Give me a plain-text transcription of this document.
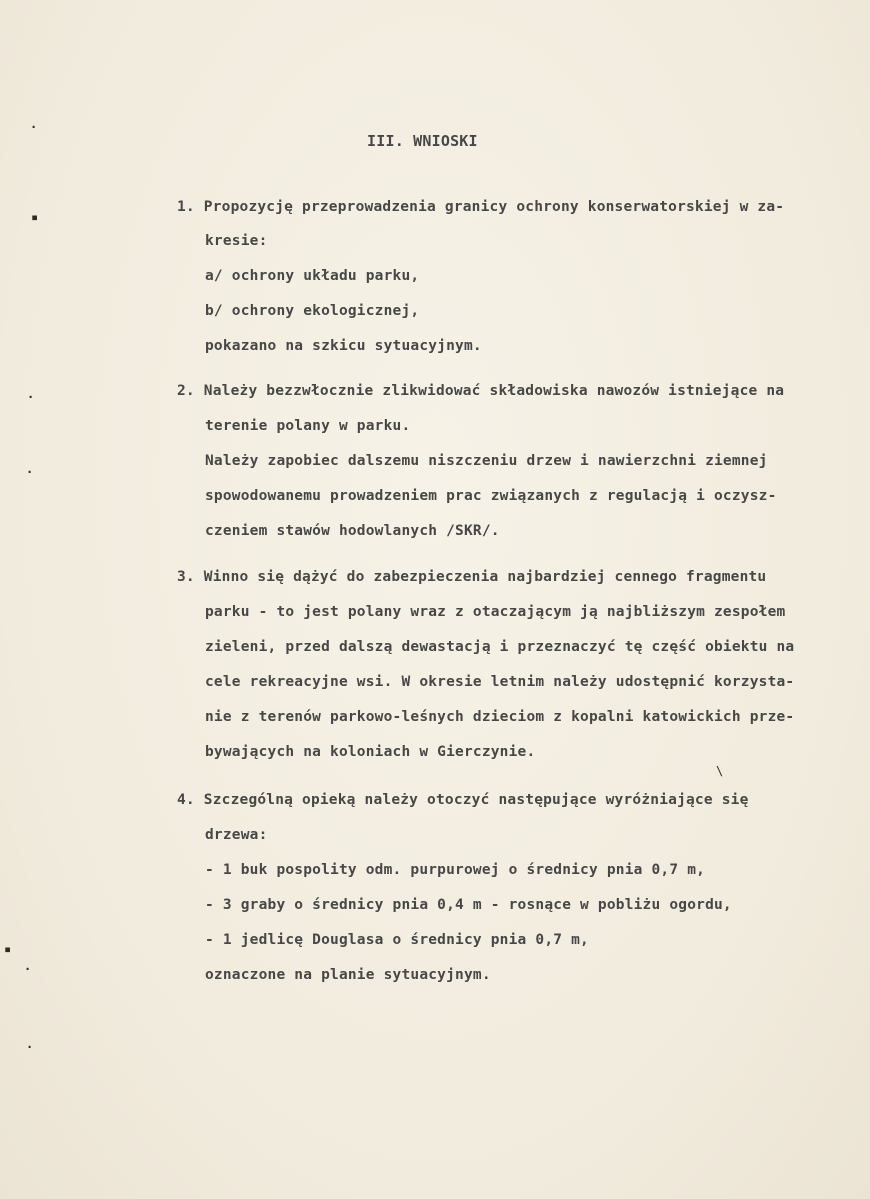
III. WNIOSKI
1. Propozycję przeprowadzenia granicy ochrony konserwatorskiej w za-
kresie:
a/ ochrony układu parku,
b/ ochrony ekologicznej,
pokazano na szkicu sytuacyjnym.
2. Należy bezzwłocznie zlikwidować składowiska nawozów istniejące na
terenie polany w parku.
Należy zapobiec dalszemu niszczeniu drzew i nawierzchni ziemnej
spowodowanemu prowadzeniem prac związanych z regulacją i oczysz-
czeniem stawów hodowlanych /SKR/.
3. Winno się dążyć do zabezpieczenia najbardziej cennego fragmentu
parku - to jest polany wraz z otaczającym ją najbliższym zespołem
zieleni, przed dalszą dewastacją i przeznaczyć tę część obiektu na
cele rekreacyjne wsi. W okresie letnim należy udostępnić korzysta-
nie z terenów parkowo-leśnych dzieciom z kopalni katowickich prze-
bywających na koloniach w Gierczynie.
4. Szczególną opieką należy otoczyć następujące wyróżniające się
drzewa:
- 1 buk pospolity odm. purpurowej o średnicy pnia 0,7 m,
- 3 graby o średnicy pnia 0,4 m - rosnące w pobliżu ogordu,
- 1 jedlicę Douglasa o średnicy pnia 0,7 m,
oznaczone na planie sytuacyjnym.
·
▪
·
·
▪
·
·
\
